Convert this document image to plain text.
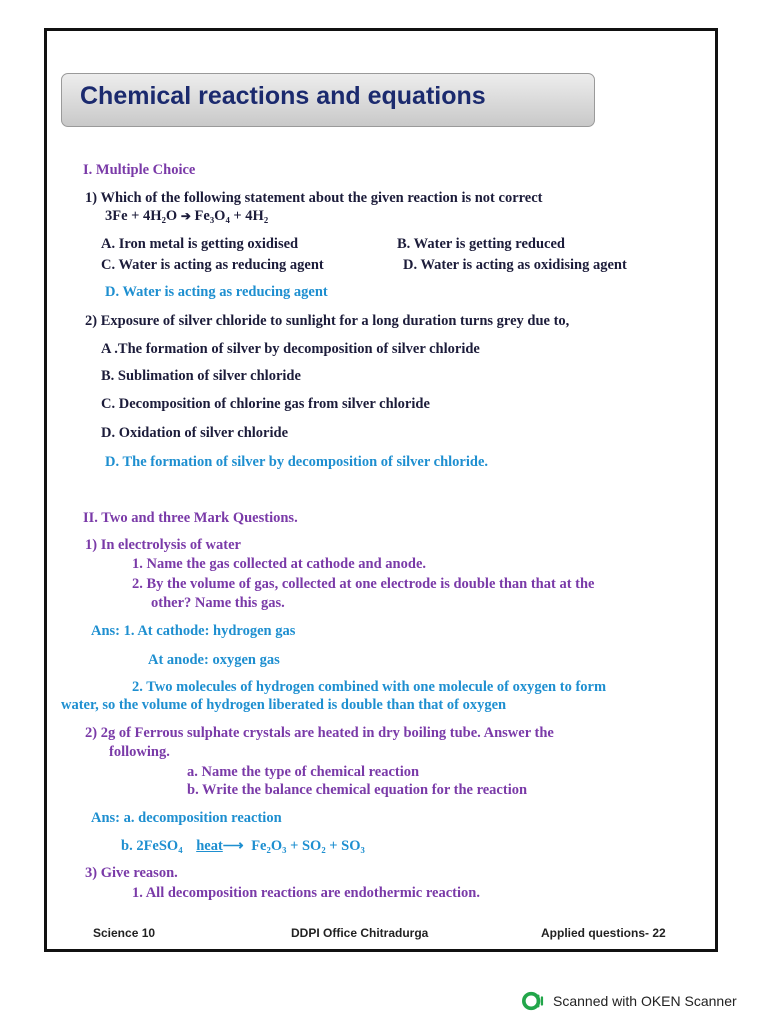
Chemical reactions and equations
I. Multiple Choice
1) Which of the following statement about the given reaction is not correct
3Fe + 4H₂O ➔ Fe₃O₄ + 4H₂
A. Iron metal is getting oxidised	B. Water is getting reduced
C. Water is acting as reducing agent	D. Water is acting as oxidising agent
D. Water is acting as reducing agent
2) Exposure of silver chloride to sunlight for a long duration turns grey due to,
A .The formation of silver by decomposition of silver chloride
B. Sublimation of silver chloride
C. Decomposition of chlorine gas from silver chloride
D. Oxidation of silver chloride
D. The formation of silver by decomposition of silver chloride.
II. Two and three Mark Questions.
1) In electrolysis of water
1. Name the gas collected at cathode and anode.
2. By the volume of gas, collected at one electrode is double than that at the
other? Name this gas.
Ans: 1. At cathode: hydrogen gas
At anode: oxygen gas
2. Two molecules of hydrogen combined with one molecule of oxygen to form
water, so the volume of hydrogen liberated is double than that of oxygen
2) 2g of Ferrous sulphate crystals are heated in dry boiling tube. Answer the
following.
a. Name the type of chemical reaction
b. Write the balance chemical equation for the reaction
Ans: a. decomposition reaction
b. 2FeSO₄ heat⟶ Fe₂O₃ + SO₂ + SO₃
3) Give reason.
1. All decomposition reactions are endothermic reaction.
Science 10	DDPI Office Chitradurga	Applied questions- 22
Scanned with OKEN Scanner
